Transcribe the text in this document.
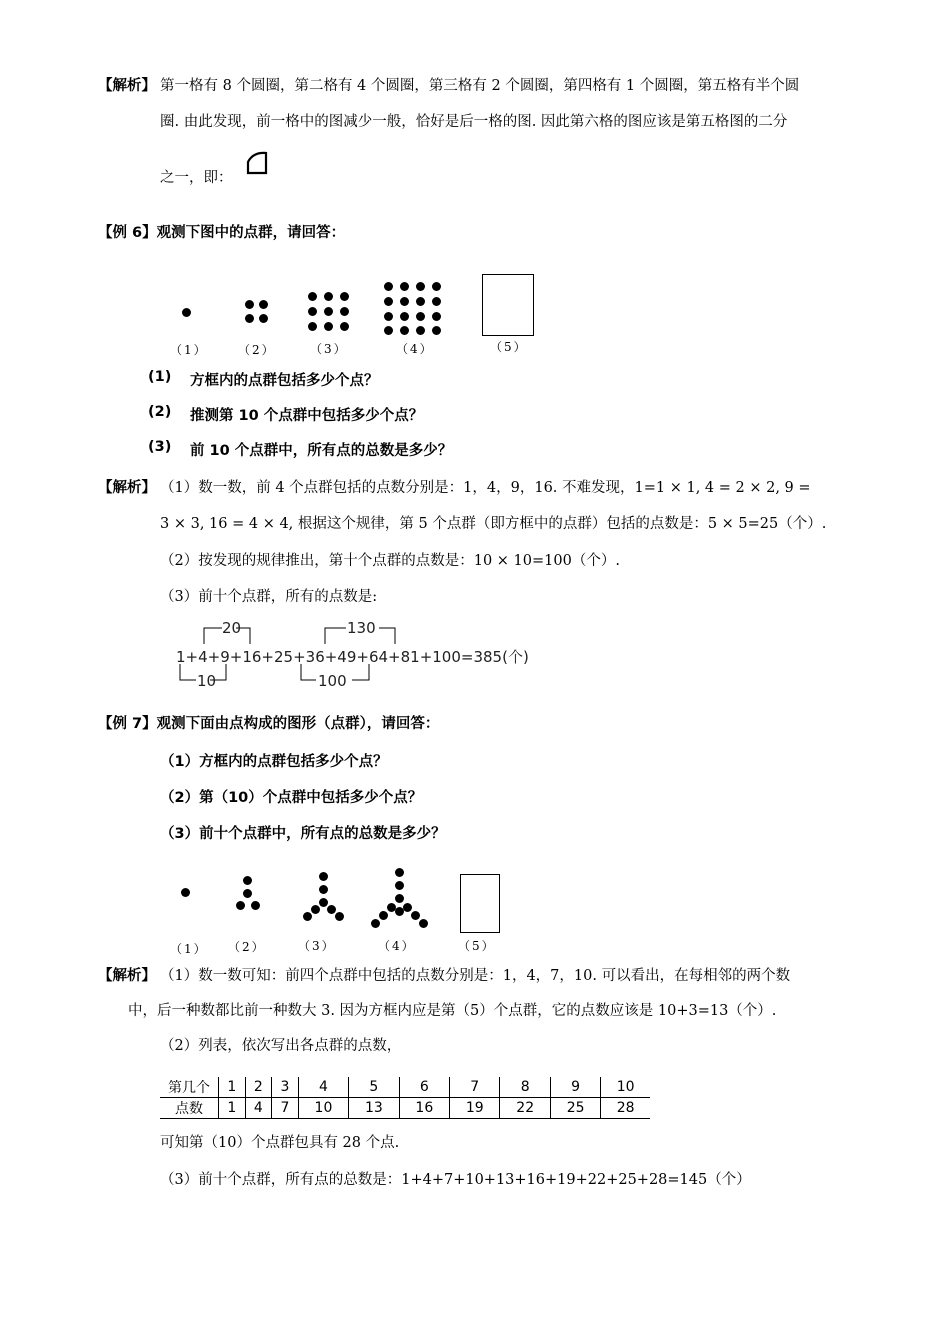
【解析】 第一格有 8 个圆圈，第二格有 4 个圆圈，第三格有 2 个圆圈，第四格有 1 个圆圈，第五格有半个圆
圈. 由此发现，前一格中的图减少一般，恰好是后一格的图. 因此第六格的图应该是第五格图的二分
之一，即：
【例 6】观测下图中的点群，请回答：
（1）	（2）	（3）	（4）	（5）
(1) 方框内的点群包括多少个点？
(2) 推测第 10 个点群中包括多少个点？
(3) 前 10 个点群中，所有点的总数是多少？
【解析】 （1）数一数，前 4 个点群包括的点数分别是：1，4，9，16. 不难发现，1=1 × 1, 4 = 2 × 2, 9 =
3 × 3, 16 = 4 × 4, 根据这个规律，第 5 个点群（即方框中的点群）包括的点数是：5 × 5=25（个）.
（2）按发现的规律推出，第十个点群的点数是：10 × 10=100（个）.
（3）前十个点群，所有的点数是:
20	130
1+4+9+16+25+36+49+64+81+100=385(个)
10	100
【例 7】观测下面由点构成的图形（点群），请回答：
（1）方框内的点群包括多少个点？
（2）第（10）个点群中包括多少个点？
（3）前十个点群中，所有点的总数是多少？
（1） （2）	（3）	（4）	（5）
【解析】 （1）数一数可知：前四个点群中包括的点数分别是：1，4，7，10. 可以看出，在每相邻的两个数
中，后一种数都比前一种数大 3. 因为方框内应是第（5）个点群，它的点数应该是 10+3=13（个）.
（2）列表，依次写出各点群的点数，
第几个	1	2	3	4	5	6	7	8	9	10
点数	1	4	7	10	13	16	19	22	25	28
可知第（10）个点群包具有 28 个点.
（3）前十个点群，所有点的总数是：1+4+7+10+13+16+19+22+25+28=145（个）
